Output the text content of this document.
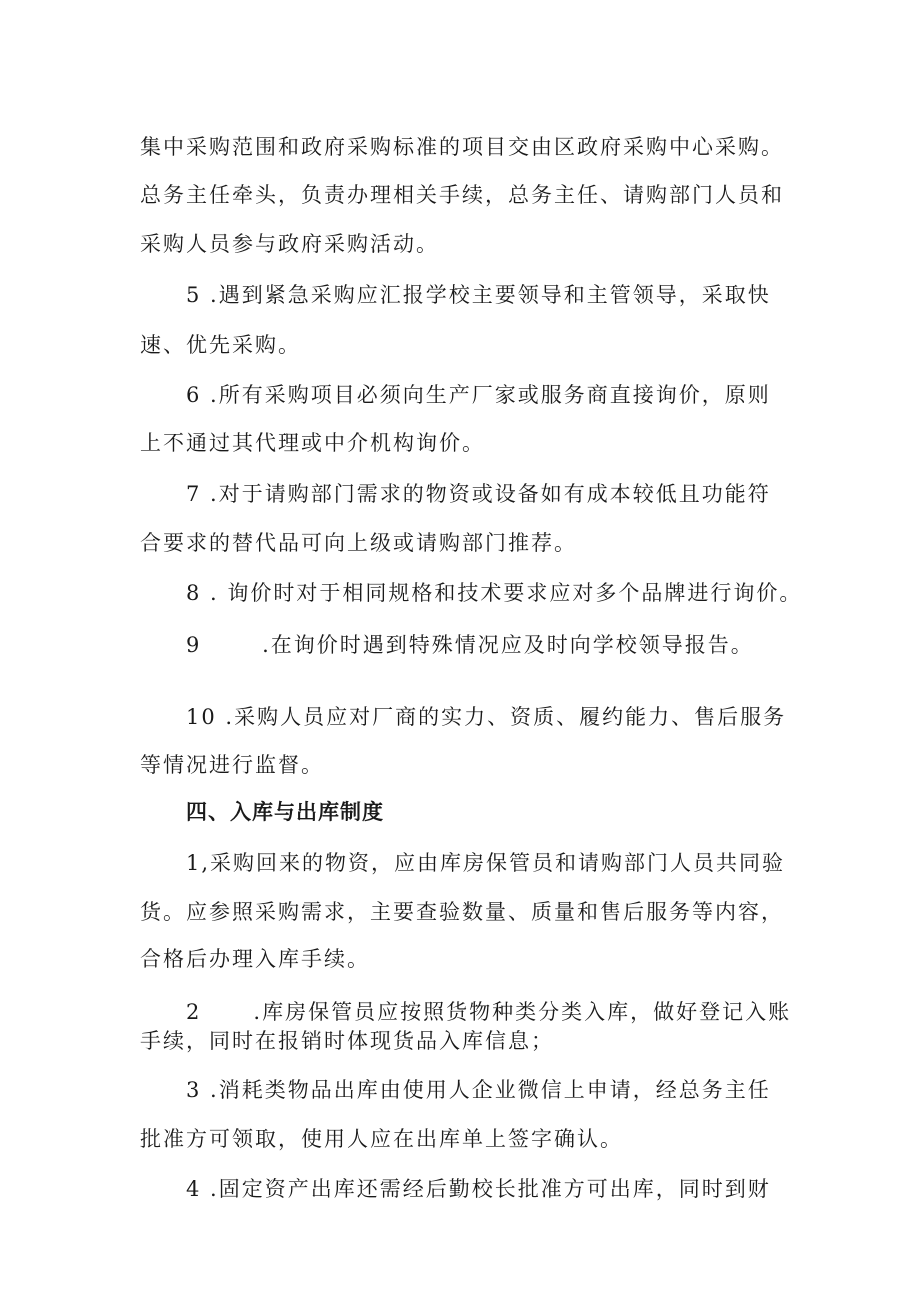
集中采购范围和政府采购标准的项目交由区政府采购中心采购。

总务主任牵头，负责办理相关手续，总务主任、请购部门人员和

采购人员参与政府采购活动。

5 .遇到紧急采购应汇报学校主要领导和主管领导，采取快

速、优先采购。

6 .所有采购项目必须向生产厂家或服务商直接询价，原则

上不通过其代理或中介机构询价。

7 .对于请购部门需求的物资或设备如有成本较低且功能符

合要求的替代品可向上级或请购部门推荐。

8 . 询价时对于相同规格和技术要求应对多个品牌进行询价。

9       .在询价时遇到特殊情况应及时向学校领导报告。

10 .采购人员应对厂商的实力、资质、履约能力、售后服务

等情况进行监督。

四、入库与出库制度

1,采购回来的物资，应由库房保管员和请购部门人员共同验

货。应参照采购需求，主要查验数量、质量和售后服务等内容，

合格后办理入库手续。

2      .库房保管员应按照货物种类分类入库，做好登记入账

手续，同时在报销时体现货品入库信息；

3 .消耗类物品出库由使用人企业微信上申请，经总务主任

批准方可领取，使用人应在出库单上签字确认。

4 .固定资产出库还需经后勤校长批准方可出库，同时到财
